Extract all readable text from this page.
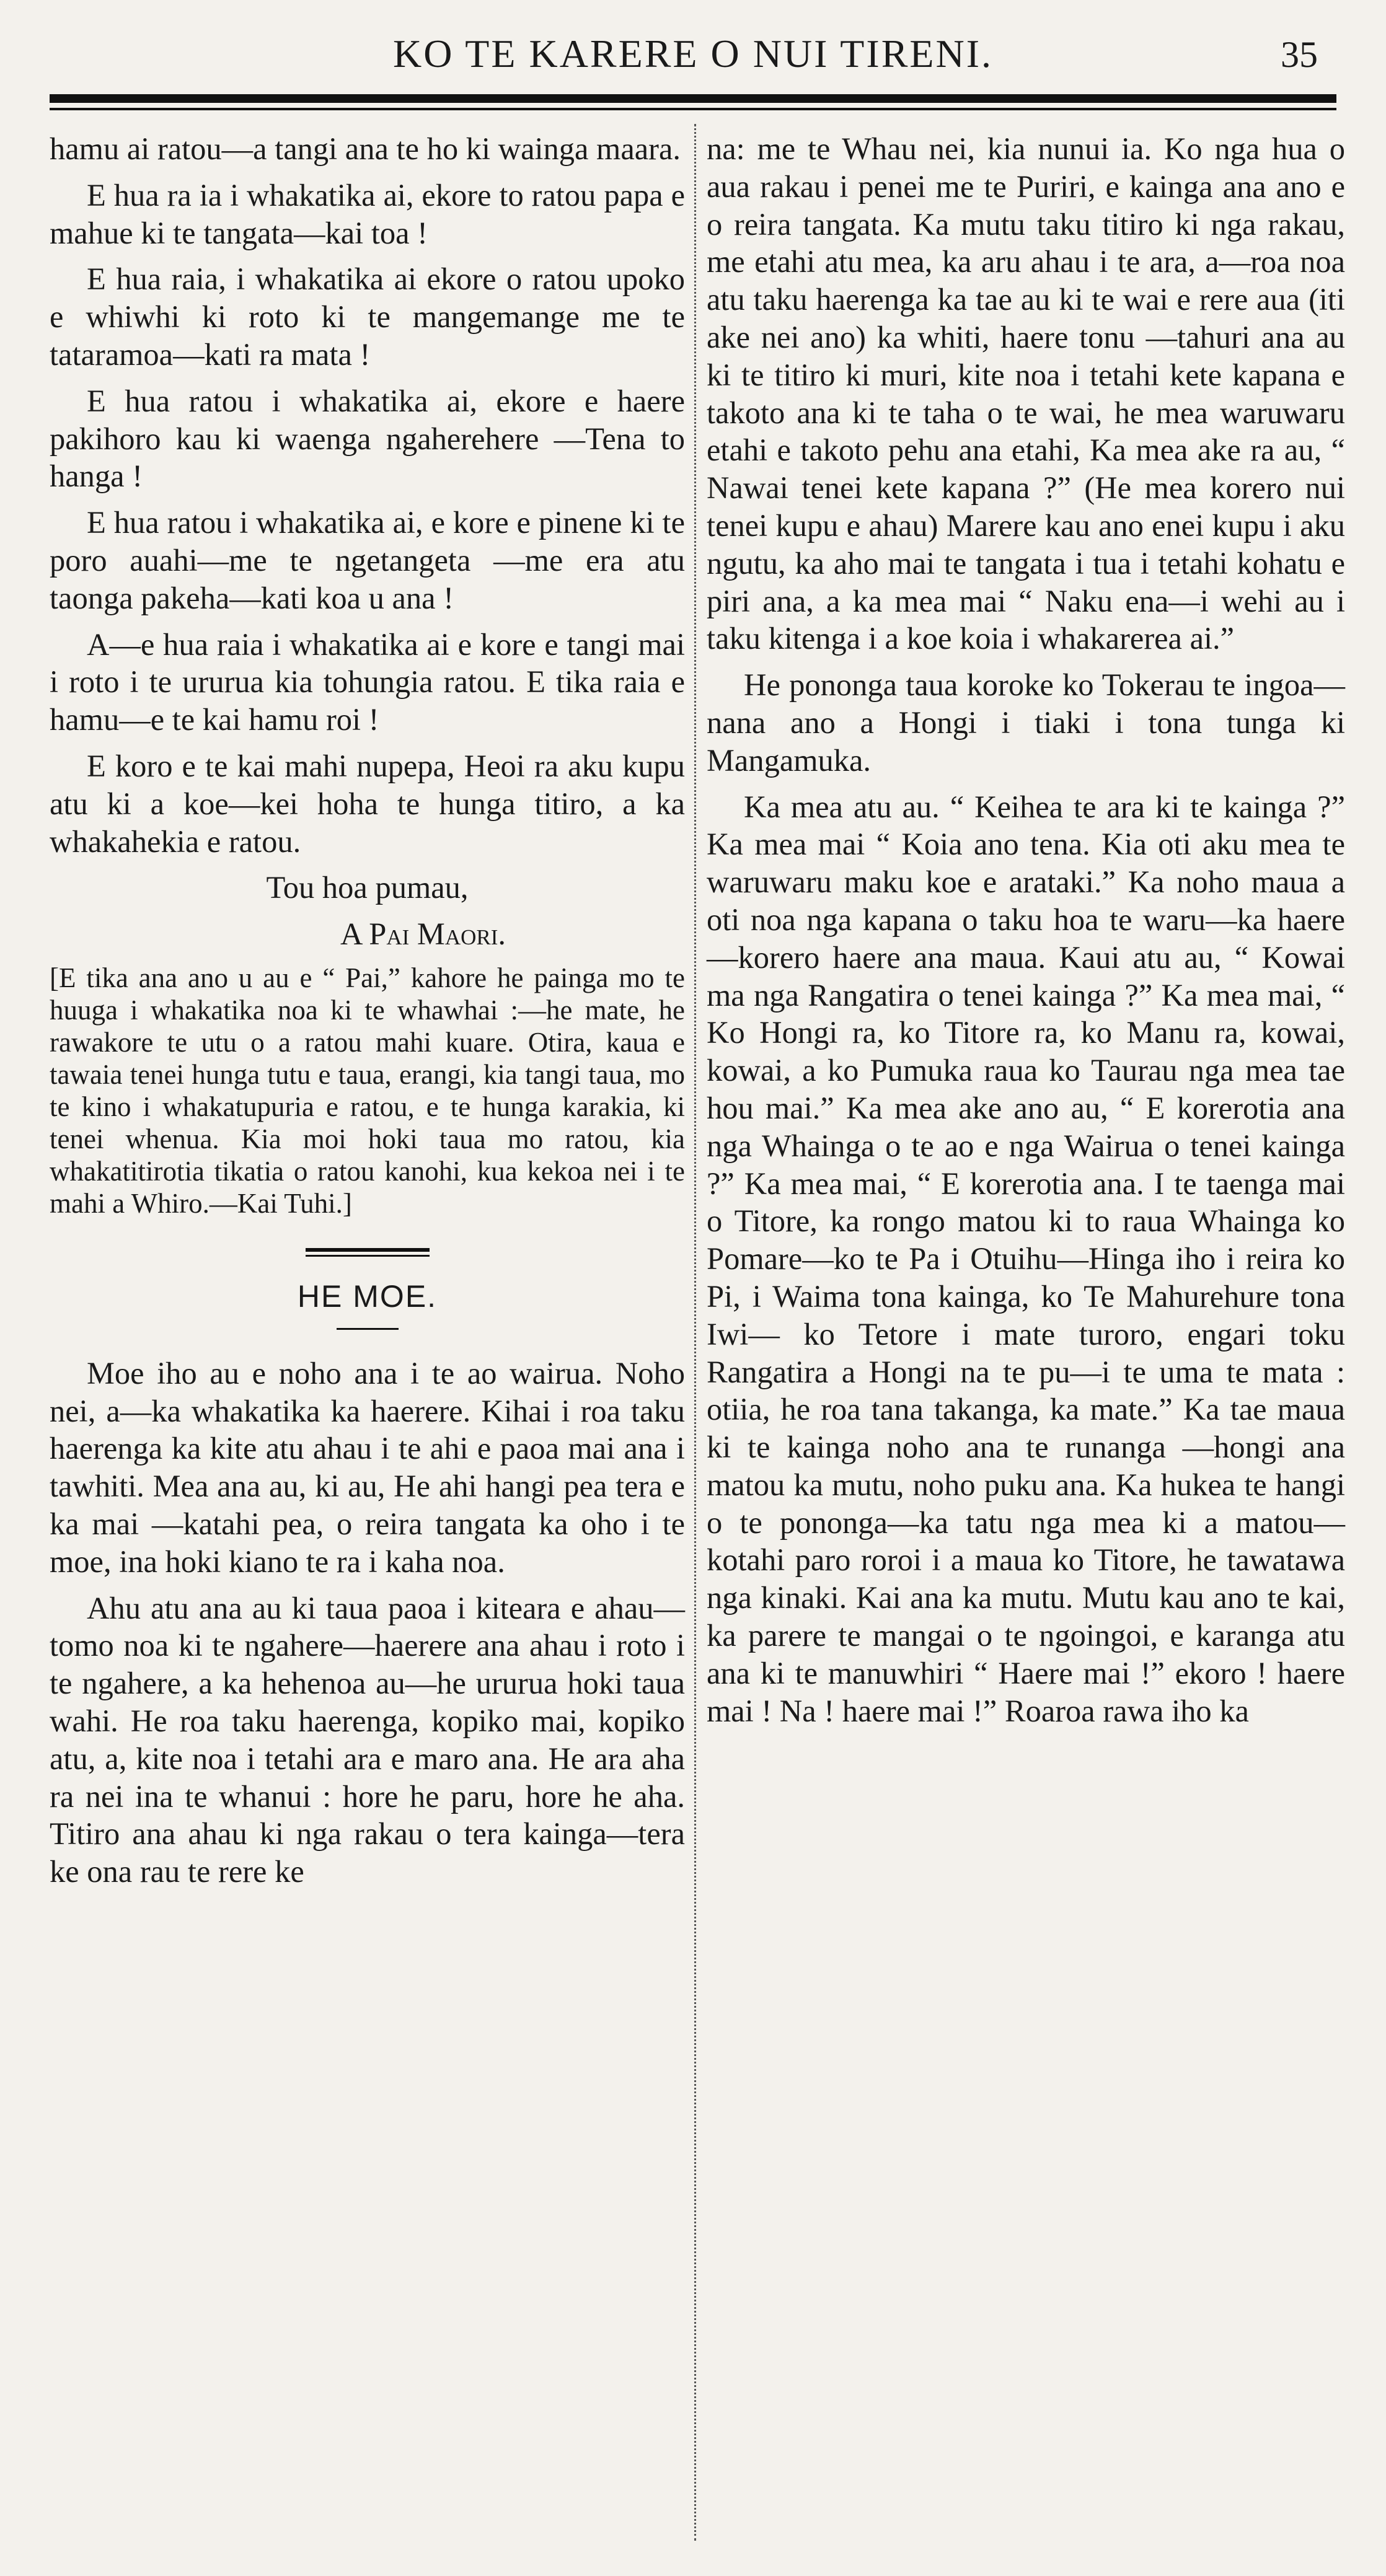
KO TE KARERE O NUI TIRENI.	35

hamu ai ratou—a tangi ana te ho ki wainga maara.

E hua ra ia i whakatika ai, ekore to ratou papa e mahue ki te tangata—kai toa !

E hua raia, i whakatika ai ekore o ratou upoko e whiwhi ki roto ki te mangemange me te tataramoa—kati ra mata !

E hua ratou i whakatika ai, ekore e haere pakihoro kau ki waenga ngaherehere —Tena to hanga !

E hua ratou i whakatika ai, e kore e pinene ki te poro auahi—me te ngetangeta —me era atu taonga pakeha—kati koa u ana !

A—e hua raia i whakatika ai e kore e tangi mai i roto i te ururua kia tohungia ratou. E tika raia e hamu—e te kai hamu roi !

E koro e te kai mahi nupepa, Heoi ra aku kupu atu ki a koe—kei hoha te hunga titiro, a ka whakahekia e ratou.

Tou hoa pumau,

A Pai Maori.

[E tika ana ano u au e “ Pai,” kahore he painga mo te huuga i whakatika noa ki te whawhai :—he mate, he rawakore te utu o a ratou mahi kuare. Otira, kaua e tawaia tenei hunga tutu e taua, erangi, kia tangi taua, mo te kino i whakatupuria e ratou, e te hunga karakia, ki tenei whenua. Kia moi hoki taua mo ratou, kia whakatitirotia tikatia o ratou kanohi, kua kekoa nei i te mahi a Whiro.—Kai Tuhi.]

HE MOE.

Moe iho au e noho ana i te ao wairua. Noho nei, a—ka whakatika ka haerere. Kihai i roa taku haerenga ka kite atu ahau i te ahi e paoa mai ana i tawhiti. Mea ana au, ki au, He ahi hangi pea tera e ka mai —katahi pea, o reira tangata ka oho i te moe, ina hoki kiano te ra i kaha noa.

Ahu atu ana au ki taua paoa i kiteara e ahau—tomo noa ki te ngahere—haerere ana ahau i roto i te ngahere, a ka hehenoa au—he ururua hoki taua wahi. He roa taku haerenga, kopiko mai, kopiko atu, a, kite noa i tetahi ara e maro ana. He ara aha ra nei ina te whanui : hore he paru, hore he aha. Titiro ana ahau ki nga rakau o tera kainga—tera ke ona rau te rere ke

na: me te Whau nei, kia nunui ia. Ko nga hua o aua rakau i penei me te Puriri, e kainga ana ano e o reira tangata. Ka mutu taku titiro ki nga rakau, me etahi atu mea, ka aru ahau i te ara, a—roa noa atu taku haerenga ka tae au ki te wai e rere aua (iti ake nei ano) ka whiti, haere tonu —tahuri ana au ki te titiro ki muri, kite noa i tetahi kete kapana e takoto ana ki te taha o te wai, he mea waruwaru etahi e takoto pehu ana etahi, Ka mea ake ra au, “ Nawai tenei kete kapana ?” (He mea korero nui tenei kupu e ahau) Marere kau ano enei kupu i aku ngutu, ka aho mai te tangata i tua i tetahi kohatu e piri ana, a ka mea mai “ Naku ena—i wehi au i taku kitenga i a koe koia i whakarerea ai.”

He pononga taua koroke ko Tokerau te ingoa—nana ano a Hongi i tiaki i tona tunga ki Mangamuka.

Ka mea atu au. “ Keihea te ara ki te kainga ?” Ka mea mai “ Koia ano tena. Kia oti aku mea te waruwaru maku koe e arataki.” Ka noho maua a oti noa nga kapana o taku hoa te waru—ka haere —korero haere ana maua. Kaui atu au, “ Kowai ma nga Rangatira o tenei kainga ?” Ka mea mai, “ Ko Hongi ra, ko Titore ra, ko Manu ra, kowai, kowai, a ko Pumuka raua ko Taurau nga mea tae hou mai.” Ka mea ake ano au, “ E korerotia ana nga Whainga o te ao e nga Wairua o tenei kainga ?” Ka mea mai, “ E korerotia ana. I te taenga mai o Titore, ka rongo matou ki to raua Whainga ko Pomare—ko te Pa i Otuihu—Hinga iho i reira ko Pi, i Waima tona kainga, ko Te Mahurehure tona Iwi— ko Tetore i mate turoro, engari toku Rangatira a Hongi na te pu—i te uma te mata : otiia, he roa tana takanga, ka mate.” Ka tae maua ki te kainga noho ana te runanga —hongi ana matou ka mutu, noho puku ana. Ka hukea te hangi o te pononga—ka tatu nga mea ki a matou— kotahi paro roroi i a maua ko Titore, he tawatawa nga kinaki. Kai ana ka mutu. Mutu kau ano te kai, ka parere te mangai o te ngoingoi, e karanga atu ana ki te manuwhiri “ Haere mai !” ekoro ! haere mai ! Na ! haere mai !” Roaroa rawa iho ka
